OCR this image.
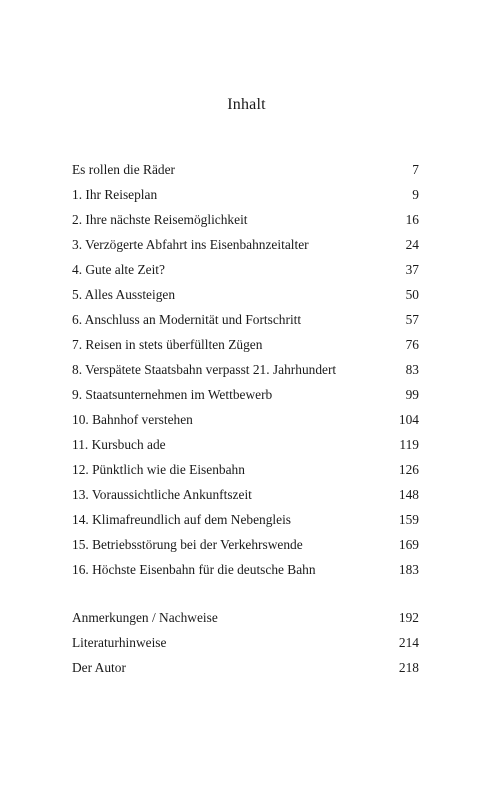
Inhalt
Es rollen die Räder	7
1. Ihr Reiseplan	9
2. Ihre nächste Reisemöglichkeit	16
3. Verzögerte Abfahrt ins Eisenbahnzeitalter	24
4. Gute alte Zeit?	37
5. Alles Aussteigen	50
6. Anschluss an Modernität und Fortschritt	57
7. Reisen in stets überfüllten Zügen	76
8. Verspätete Staatsbahn verpasst 21. Jahrhundert	83
9. Staatsunternehmen im Wettbewerb	99
10. Bahnhof verstehen	104
11. Kursbuch ade	119
12. Pünktlich wie die Eisenbahn	126
13. Voraussichtliche Ankunftszeit	148
14. Klimafreundlich auf dem Nebengleis	159
15. Betriebsstörung bei der Verkehrswende	169
16. Höchste Eisenbahn für die deutsche Bahn	183
Anmerkungen / Nachweise	192
Literaturhinweise	214
Der Autor	218
